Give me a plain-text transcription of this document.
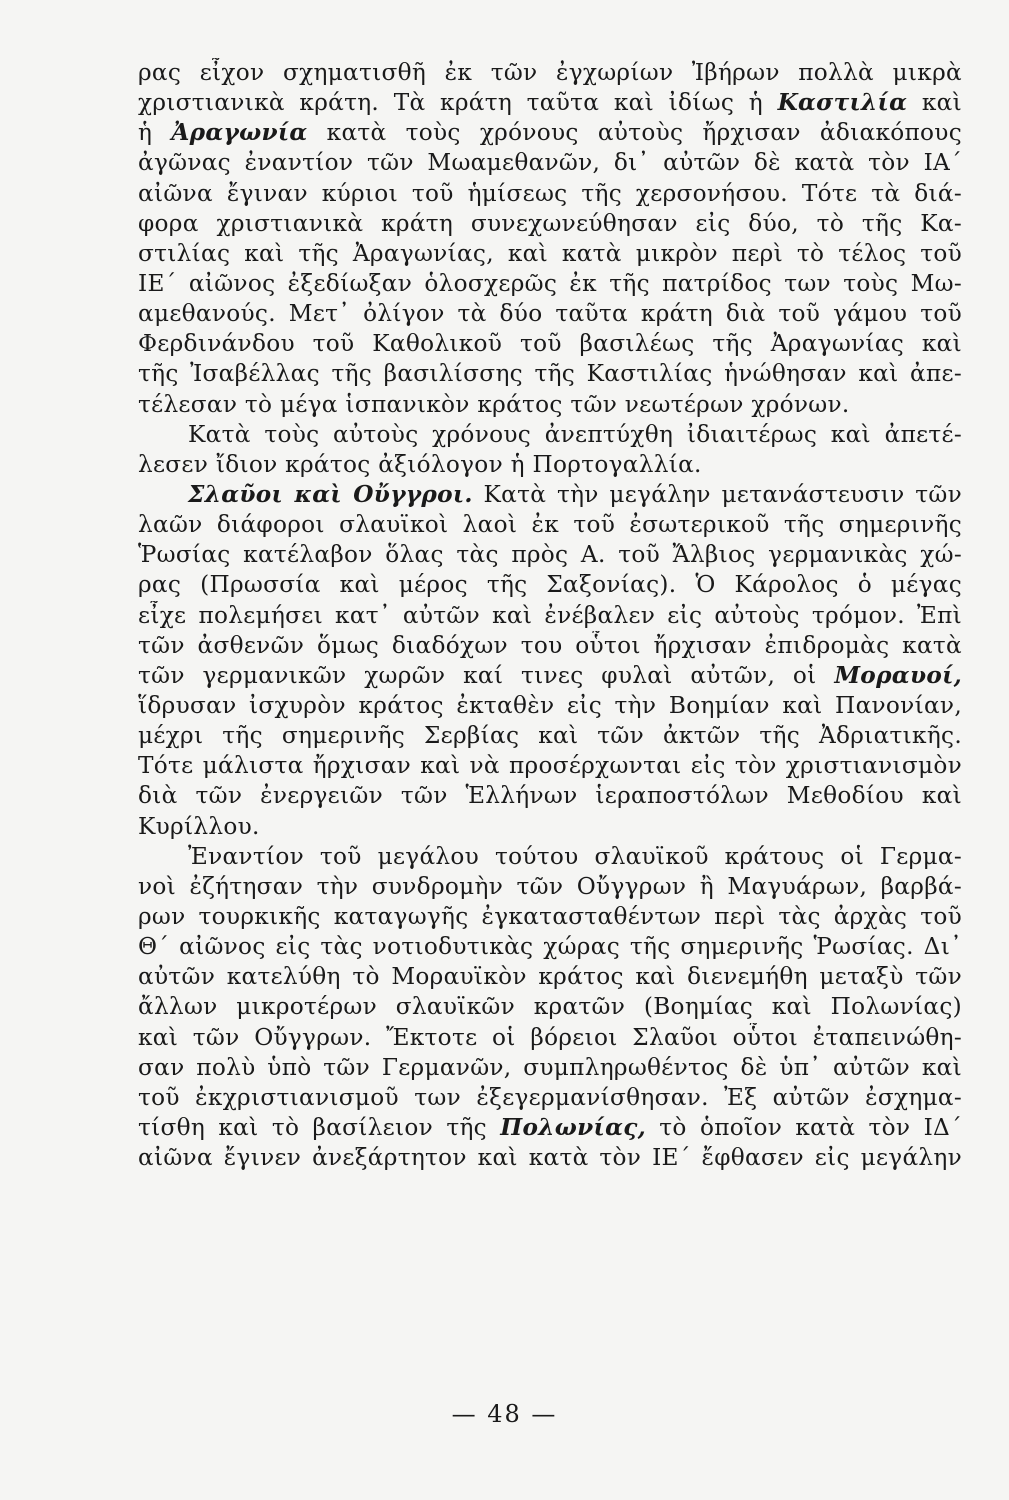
ρας εἶχον σχηματισθῆ ἐκ τῶν ἐγχωρίων Ἰβήρων πολλὰ μικρὰ
χριστιανικὰ κράτη. Τὰ κράτη ταῦτα καὶ ἰδίως ἡ Καστιλία καὶ
ἡ Ἀραγωνία κατὰ τοὺς χρόνους αὐτοὺς ἤρχισαν ἀδιακόπους
ἀγῶνας ἐναντίον τῶν Μωαμεθανῶν, δι᾽ αὐτῶν δὲ κατὰ τὸν ΙΑ´
αἰῶνα ἔγιναν κύριοι τοῦ ἡμίσεως τῆς χερσονήσου. Τότε τὰ διά-
φορα χριστιανικὰ κράτη συνεχωνεύθησαν εἰς δύο, τὸ τῆς Κα-
στιλίας καὶ τῆς Ἀραγωνίας, καὶ κατὰ μικρὸν περὶ τὸ τέλος τοῦ
ΙΕ´ αἰῶνος ἐξεδίωξαν ὁλοσχερῶς ἐκ τῆς πατρίδος των τοὺς Μω-
αμεθανούς. Μετ᾽ ὀλίγον τὰ δύο ταῦτα κράτη διὰ τοῦ γάμου τοῦ
Φερδινάνδου τοῦ Καθολικοῦ τοῦ βασιλέως τῆς Ἀραγωνίας καὶ
τῆς Ἰσαβέλλας τῆς βασιλίσσης τῆς Καστιλίας ἡνώθησαν καὶ ἀπε-
τέλεσαν τὸ μέγα ἱσπανικὸν κράτος τῶν νεωτέρων χρόνων.
Κατὰ τοὺς αὐτοὺς χρόνους ἀνεπτύχθη ἰδιαιτέρως καὶ ἀπετέ-
λεσεν ἴδιον κράτος ἀξιόλογον ἡ Πορτογαλλία.
Σλαῦοι καὶ Οὔγγροι. Κατὰ τὴν μεγάλην μετανάστευσιν τῶν
λαῶν διάφοροι σλαυϊκοὶ λαοὶ ἐκ τοῦ ἐσωτερικοῦ τῆς σημερινῆς
Ῥωσίας κατέλαβον ὅλας τὰς πρὸς Α. τοῦ Ἄλβιος γερμανικὰς χώ-
ρας (Πρωσσία καὶ μέρος τῆς Σαξονίας). Ὁ Κάρολος ὁ μέγας
εἶχε πολεμήσει κατ᾽ αὐτῶν καὶ ἐνέβαλεν εἰς αὐτοὺς τρόμον. Ἐπὶ
τῶν ἀσθενῶν ὅμως διαδόχων του οὗτοι ἤρχισαν ἐπιδρομὰς κατὰ
τῶν γερμανικῶν χωρῶν καί τινες φυλαὶ αὐτῶν, οἱ Μοραυοί,
ἵδρυσαν ἰσχυρὸν κράτος ἐκταθὲν εἰς τὴν Βοημίαν καὶ Πανονίαν,
μέχρι τῆς σημερινῆς Σερβίας καὶ τῶν ἀκτῶν τῆς Ἀδριατικῆς.
Τότε μάλιστα ἤρχισαν καὶ νὰ προσέρχωνται εἰς τὸν χριστιανισμὸν
διὰ τῶν ἐνεργειῶν τῶν Ἑλλήνων ἱεραποστόλων Μεθοδίου καὶ
Κυρίλλου.
Ἐναντίον τοῦ μεγάλου τούτου σλαυϊκοῦ κράτους οἱ Γερμα-
νοὶ ἐζήτησαν τὴν συνδρομὴν τῶν Οὔγγρων ἢ Μαγυάρων, βαρβά-
ρων τουρκικῆς καταγωγῆς ἐγκατασταθέντων περὶ τὰς ἀρχὰς τοῦ
Θ´ αἰῶνος εἰς τὰς νοτιοδυτικὰς χώρας τῆς σημερινῆς Ῥωσίας. Δι᾽
αὐτῶν κατελύθη τὸ Μοραυϊκὸν κράτος καὶ διενεμήθη μεταξὺ τῶν
ἄλλων μικροτέρων σλαυϊκῶν κρατῶν (Βοημίας καὶ Πολωνίας)
καὶ τῶν Οὔγγρων. Ἔκτοτε οἱ βόρειοι Σλαῦοι οὗτοι ἐταπεινώθη-
σαν πολὺ ὑπὸ τῶν Γερμανῶν, συμπληρωθέντος δὲ ὑπ᾽ αὐτῶν καὶ
τοῦ ἐκχριστιανισμοῦ των ἐξεγερμανίσθησαν. Ἐξ αὐτῶν ἐσχημα-
τίσθη καὶ τὸ βασίλειον τῆς Πολωνίας, τὸ ὁποῖον κατὰ τὸν ΙΔ´
αἰῶνα ἔγινεν ἀνεξάρτητον καὶ κατὰ τὸν ΙΕ´ ἔφθασεν εἰς μεγάλην
— 48 —
